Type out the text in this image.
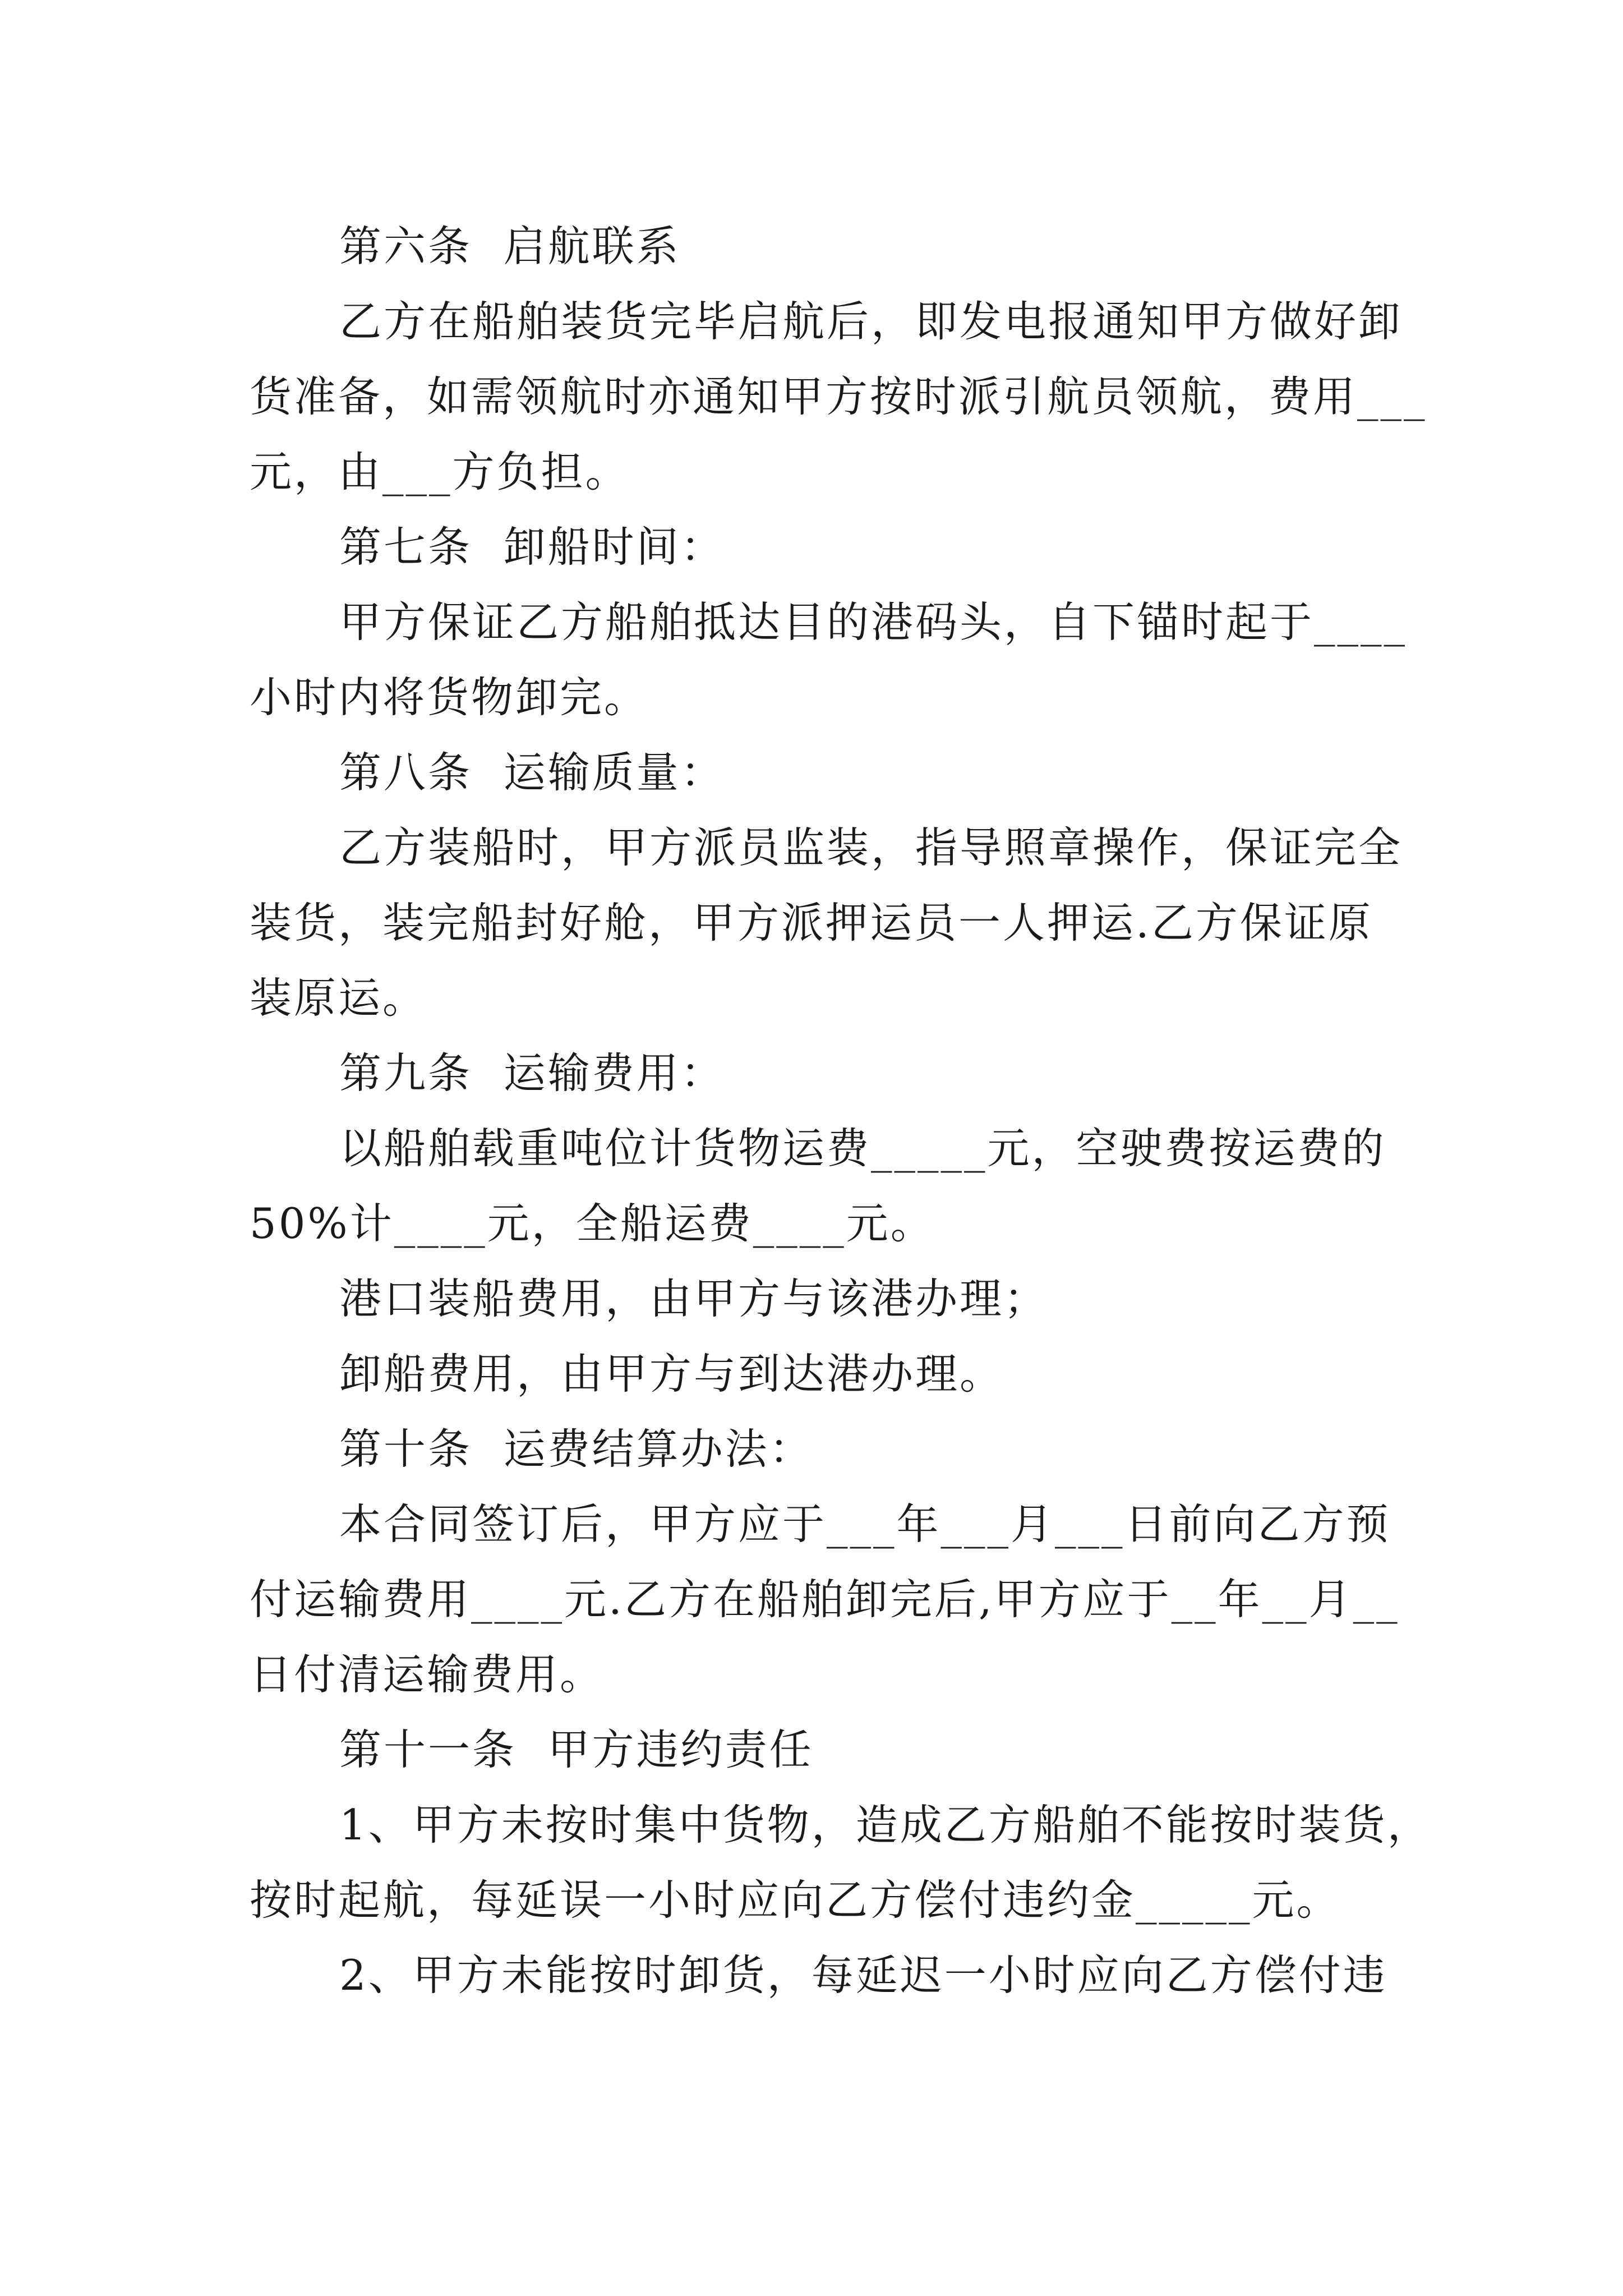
第六条  启航联系
乙方在船舶装货完毕启航后，即发电报通知甲方做好卸
货准备，如需领航时亦通知甲方按时派引航员领航，费用___
元，由___方负担。
第七条  卸船时间：
甲方保证乙方船舶抵达目的港码头，自下锚时起于____
小时内将货物卸完。
第八条  运输质量：
乙方装船时，甲方派员监装，指导照章操作，保证完全
装货，装完船封好舱，甲方派押运员一人押运.乙方保证原
装原运。
第九条  运输费用：
以船舶载重吨位计货物运费_____元，空驶费按运费的
50%计____元，全船运费____元。
港口装船费用，由甲方与该港办理；
卸船费用，由甲方与到达港办理。
第十条  运费结算办法：
本合同签订后，甲方应于___年___月___日前向乙方预
付运输费用____元.乙方在船舶卸完后,甲方应于__年__月__
日付清运输费用。
第十一条  甲方违约责任
1、甲方未按时集中货物，造成乙方船舶不能按时装货，
按时起航，每延误一小时应向乙方偿付违约金_____元。
2、甲方未能按时卸货，每延迟一小时应向乙方偿付违
